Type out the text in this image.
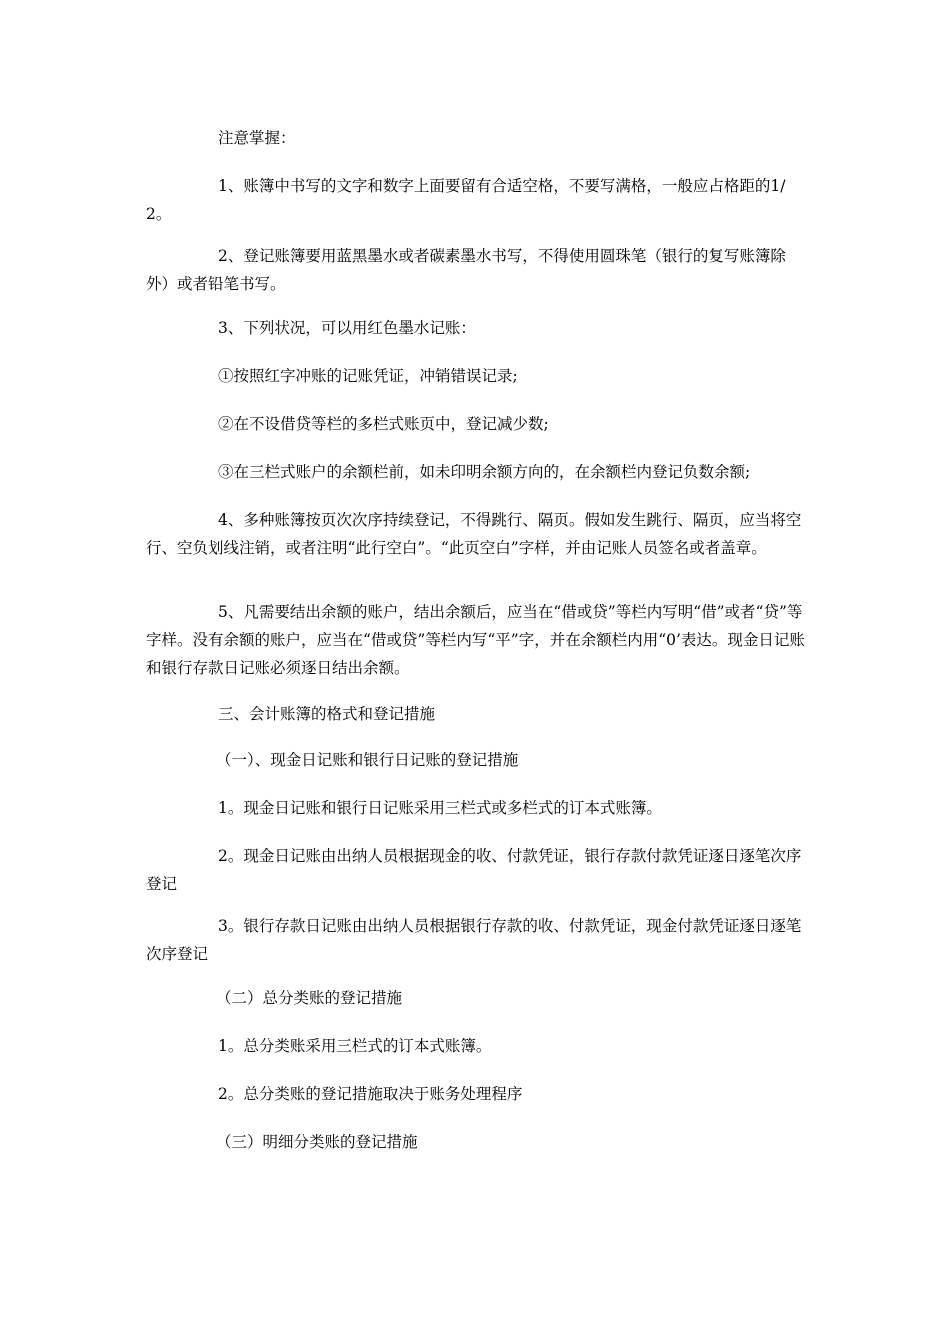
注意掌握：

1、账簿中书写的文字和数字上面要留有合适空格，不要写满格，一般应占格距的1/2。

2、登记账簿要用蓝黑墨水或者碳素墨水书写，不得使用圆珠笔（银行的复写账簿除外）或者铅笔书写。

3、下列状况，可以用红色墨水记账：

①按照红字冲账的记账凭证，冲销错误记录;

②在不设借贷等栏的多栏式账页中，登记减少数;

③在三栏式账户的余额栏前，如未印明余额方向的，在余额栏内登记负数余额;

4、多种账簿按页次次序持续登记，不得跳行、隔页。假如发生跳行、隔页，应当将空行、空负划线注销，或者注明“此行空白”。“此页空白”字样，并由记账人员签名或者盖章。

5、凡需要结出余额的账户，结出余额后，应当在“借或贷”等栏内写明“借”或者“贷”等字样。没有余额的账户，应当在“借或贷”等栏内写“平”字，并在余额栏内用“0’表达。现金日记账和银行存款日记账必须逐日结出余额。

三、会计账簿的格式和登记措施

（一）、现金日记账和银行日记账的登记措施

1。现金日记账和银行日记账采用三栏式或多栏式的订本式账簿。

2。现金日记账由出纳人员根据现金的收、付款凭证，银行存款付款凭证逐日逐笔次序登记

3。银行存款日记账由出纳人员根据银行存款的收、付款凭证，现金付款凭证逐日逐笔次序登记

（二）总分类账的登记措施

1。总分类账采用三栏式的订本式账簿。

2。总分类账的登记措施取决于账务处理程序

（三）明细分类账的登记措施
